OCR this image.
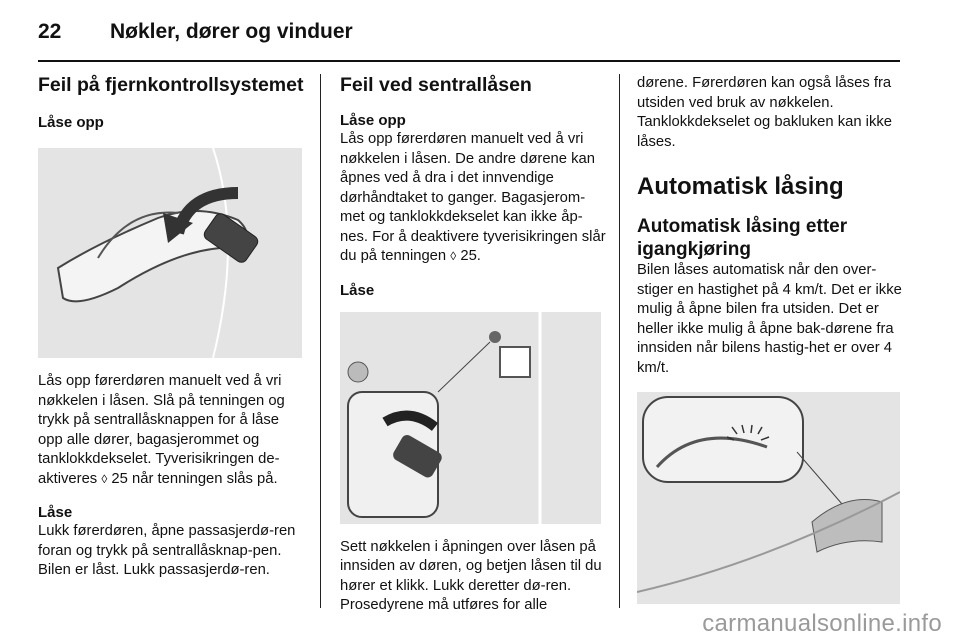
22 Nøkler, dører og vinduer
Feil på fjernkontrollsystemet
Låse opp

Lås opp førerdøren manuelt ved å vri nøkkelen i låsen. Slå på tenningen og trykk på sentrallåsknappen for å låse opp alle dører, bagasjerommet og tanklokkdekselet. Tyverisikringen de-aktiveres ◊ 25 når tenningen slås på.

Låse

Lukk førerdøren, åpne passasjerdø-ren foran og trykk på sentrallåsknap-pen. Bilen er låst. Lukk passasjerdø-ren.

Feil ved sentrallåsen
Låse opp

Lås opp førerdøren manuelt ved å vri nøkkelen i låsen. De andre dørene kan åpnes ved å dra i det innvendige dørhåndtaket to ganger. Bagasjerom-met og tanklokkdekselet kan ikke åp-nes. For å deaktivere tyverisikringen slår du på tenningen ◊ 25.

Låse

Sett nøkkelen i åpningen over låsen på innsiden av døren, og betjen låsen til du hører et klikk. Lukk deretter dø-ren. Prosedyrene må utføres for alle

dørene. Førerdøren kan også låses fra utsiden ved bruk av nøkkelen. Tanklokkdekselet og bakluken kan ikke låses.

Automatisk låsing
Automatisk låsing etter igangkjøring

Bilen låses automatisk når den over-stiger en hastighet på 4 km/t. Det er ikke mulig å åpne bilen fra utsiden. Det er heller ikke mulig å åpne bak-dørene fra innsiden når bilens hastig-het er over 4 km/t.

carmanualsonline.info
